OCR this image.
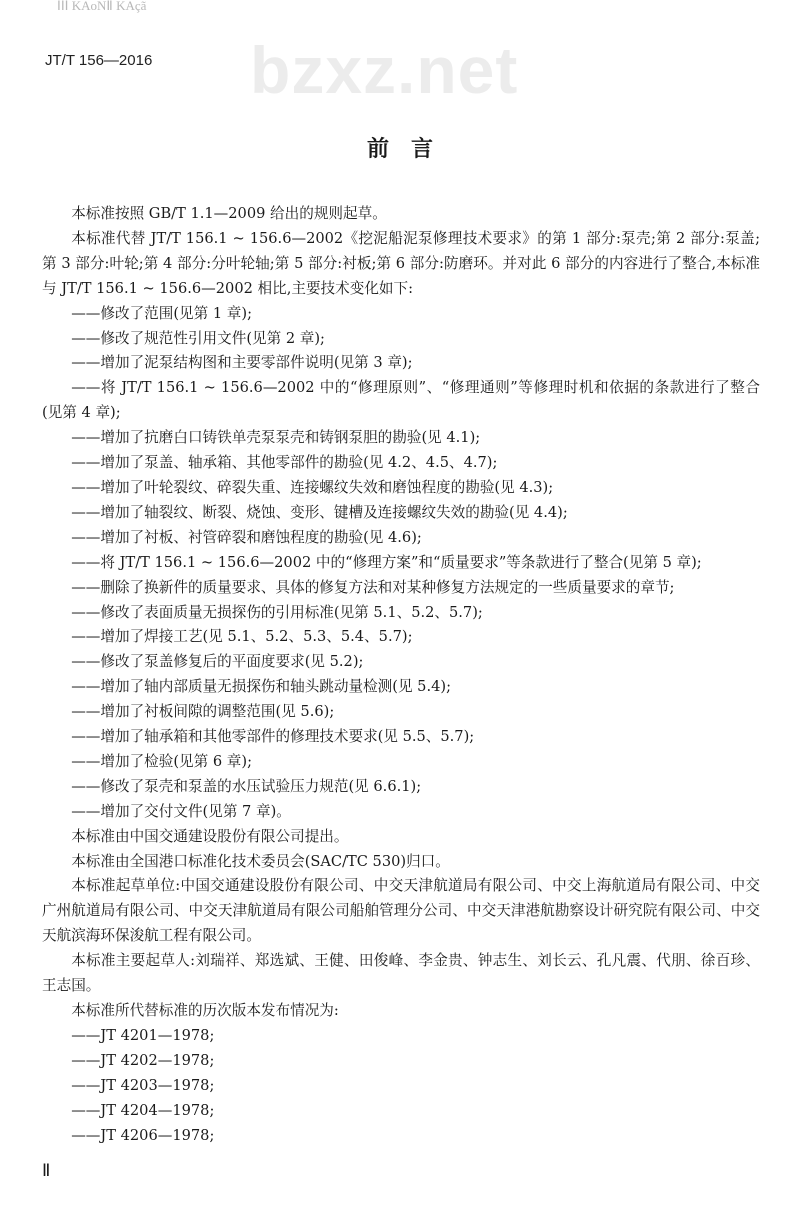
ⅠⅠⅠ KAoNⅡ KAçã
JT/T 156—2016 bzxz.net
前言

本标准按照 GB/T 1.1—2009 给出的规则起草。

本标准代替 JT/T 156.1 ~ 156.6—2002《挖泥船泥泵修理技术要求》的第 1 部分:泵壳;第 2 部分:泵盖;第 3 部分:叶轮;第 4 部分:分叶轮轴;第 5 部分:衬板;第 6 部分:防磨环。并对此 6 部分的内容进行了整合,本标准与 JT/T 156.1 ~ 156.6—2002 相比,主要技术变化如下:

——修改了范围(见第 1 章);

——修改了规范性引用文件(见第 2 章);

——增加了泥泵结构图和主要零部件说明(见第 3 章);

——将 JT/T 156.1 ~ 156.6—2002 中的“修理原则”、“修理通则”等修理时机和依据的条款进行了整合(见第 4 章);

——增加了抗磨白口铸铁单壳泵泵壳和铸钢泵胆的勘验(见 4.1);

——增加了泵盖、轴承箱、其他零部件的勘验(见 4.2、4.5、4.7);

——增加了叶轮裂纹、碎裂失重、连接螺纹失效和磨蚀程度的勘验(见 4.3);

——增加了轴裂纹、断裂、烧蚀、变形、键槽及连接螺纹失效的勘验(见 4.4);

——增加了衬板、衬管碎裂和磨蚀程度的勘验(见 4.6);

——将 JT/T 156.1 ~ 156.6—2002 中的“修理方案”和“质量要求”等条款进行了整合(见第 5 章);

——删除了换新件的质量要求、具体的修复方法和对某种修复方法规定的一些质量要求的章节;

——修改了表面质量无损探伤的引用标准(见第 5.1、5.2、5.7);

——增加了焊接工艺(见 5.1、5.2、5.3、5.4、5.7);

——修改了泵盖修复后的平面度要求(见 5.2);

——增加了轴内部质量无损探伤和轴头跳动量检测(见 5.4);

——增加了衬板间隙的调整范围(见 5.6);

——增加了轴承箱和其他零部件的修理技术要求(见 5.5、5.7);

——增加了检验(见第 6 章);

——修改了泵壳和泵盖的水压试验压力规范(见 6.6.1);

——增加了交付文件(见第 7 章)。

本标准由中国交通建设股份有限公司提出。

本标准由全国港口标准化技术委员会(SAC/TC 530)归口。

本标准起草单位:中国交通建设股份有限公司、中交天津航道局有限公司、中交上海航道局有限公司、中交广州航道局有限公司、中交天津航道局有限公司船舶管理分公司、中交天津港航勘察设计研究院有限公司、中交天航滨海环保浚航工程有限公司。

本标准主要起草人:刘瑞祥、郑选斌、王健、田俊峰、李金贵、钟志生、刘长云、孔凡震、代朋、徐百珍、王志国。

本标准所代替标准的历次版本发布情况为:

——JT 4201—1978;

——JT 4202—1978;

——JT 4203—1978;

——JT 4204—1978;

——JT 4206—1978;

Ⅱ
